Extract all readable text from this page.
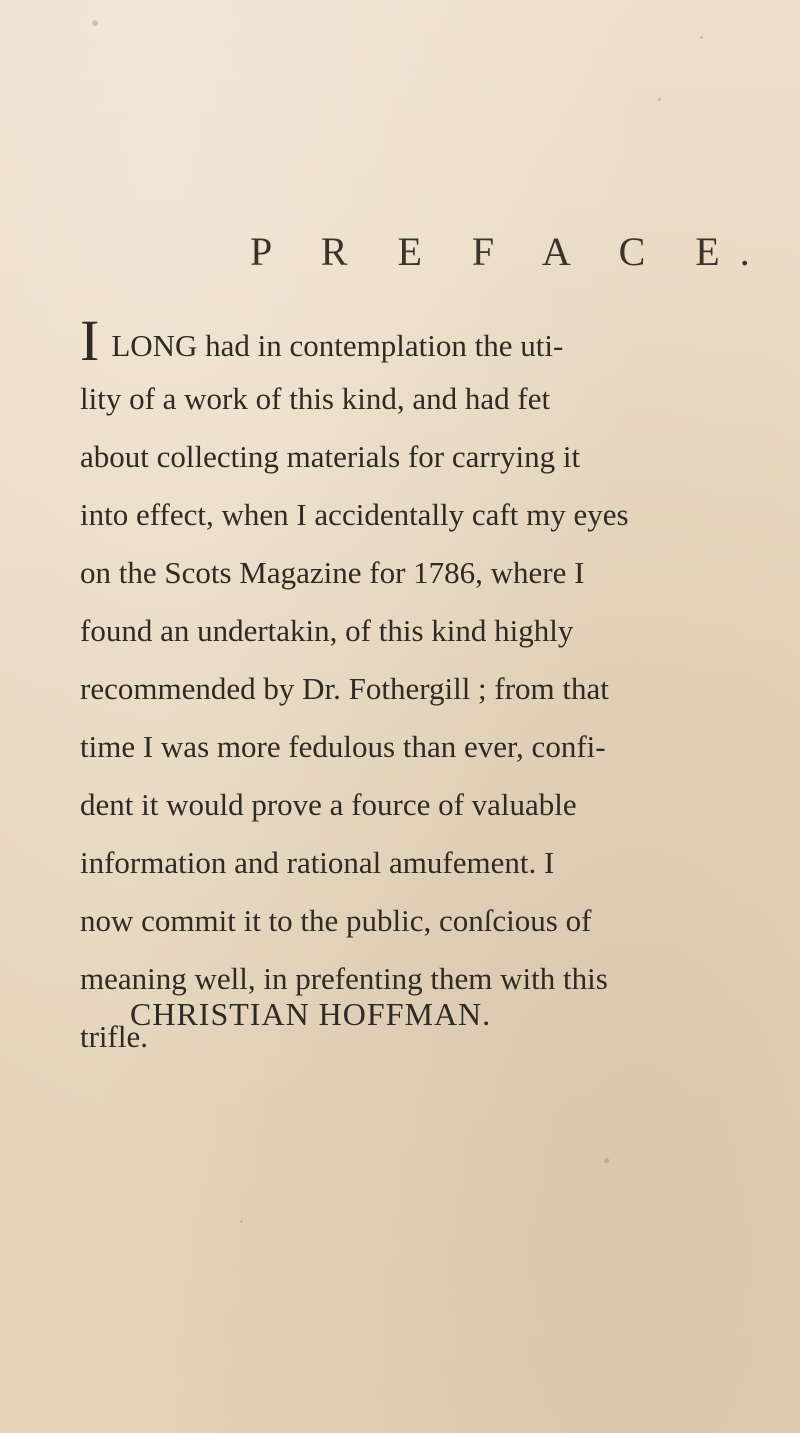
P R E F A C E.
ILONG had in contemplation the uti-
lity of a work of this kind, and had fet
about collecting materials for carrying it
into effect, when I accidentally caft my eyes
on the Scots Magazine for 1786, where I
found an undertakin, of this kind highly
recommended by Dr. Fothergill ; from that
time I was more fedulous than ever, confi-
dent it would prove a fource of valuable
information and rational amufement. I
now commit it to the public, conſcious of
meaning well, in prefenting them with this
trifle.
CHRISTIAN HOFFMAN.
